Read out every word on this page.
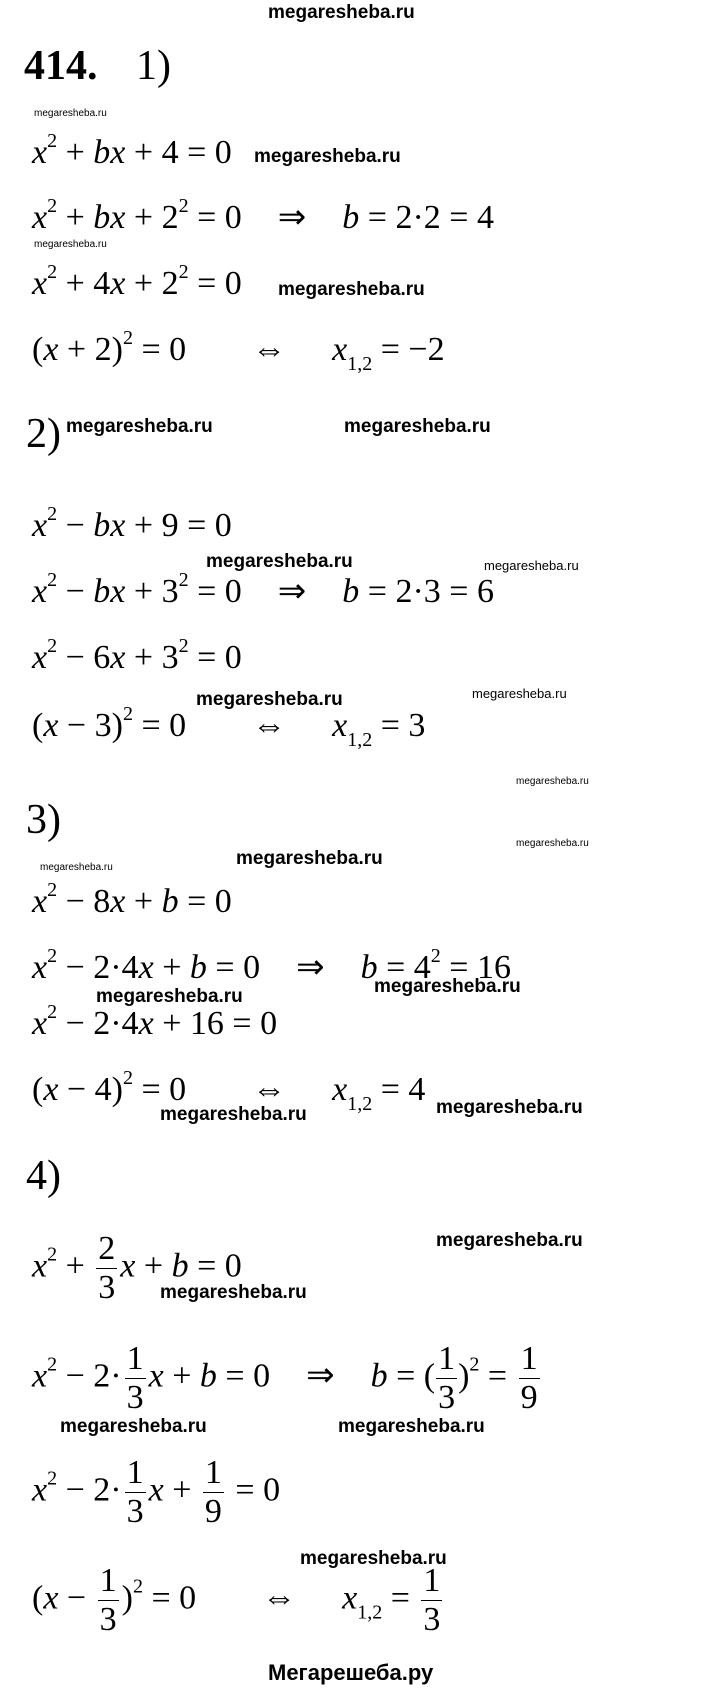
megaresheba.ru
414. 1)
megaresheba.ru
$x^2$ + bx + 4 = 0 megaresheba.ru
$x^2$ + bx + $2^2 = 0$ ⇒ b = 2·2 = 4
megaresheba.ru
$x^2 + 4x + 2^2 = 0$ megaresheba.ru
$(x + 2)^2 = 0$ ⇔ $x_{1,2} = -2$
2) megaresheba.ru	megaresheba.ru
$x^2$ − bx + 9 = 0
megaresheba.ru	megaresheba.ru
$x^2$ − bx + $3^2 = 0$ ⇒ b = 2·3 = 6
$x^2 - 6x + 3^2 = 0$
megaresheba.ru	megaresheba.ru
$(x - 3)^2 = 0$ ⇔ $x_{1,2} = 3$
megaresheba.ru
3)
megaresheba.ru
megaresheba.ru
megaresheba.ru
$x^2 - 8x + b = 0$
$x^2 - 2\cdot 4x + b = 0$ ⇒ $b = 4^2 = 16$
megaresheba.ru	megaresheba.ru
$x^2 - 2\cdot 4x + 16 = 0$
$(x - 4)^2 = 0$ ⇔ $x_{1,2} = 4$
megaresheba.ru	megaresheba.ru
4)
megaresheba.ru
$x^2 + \frac{2}{3}$ x + b = 0
megaresheba.ru
$x^2 - 2\cdot \frac{1}{3}$ x + b = 0 ⇒ b = ( $\frac{1}{3} )^2 = \frac{1}{9}$
megaresheba.ru	megaresheba.ru
$x^2 - 2\cdot \frac{1}{3}$ $x + \frac{1}{9} = 0$
megaresheba.ru
$(x - \frac{1}{3} )^2 = 0$ ⇔ $x_{1,2} = \frac{1}{3}$
Мегарешеба.ру
